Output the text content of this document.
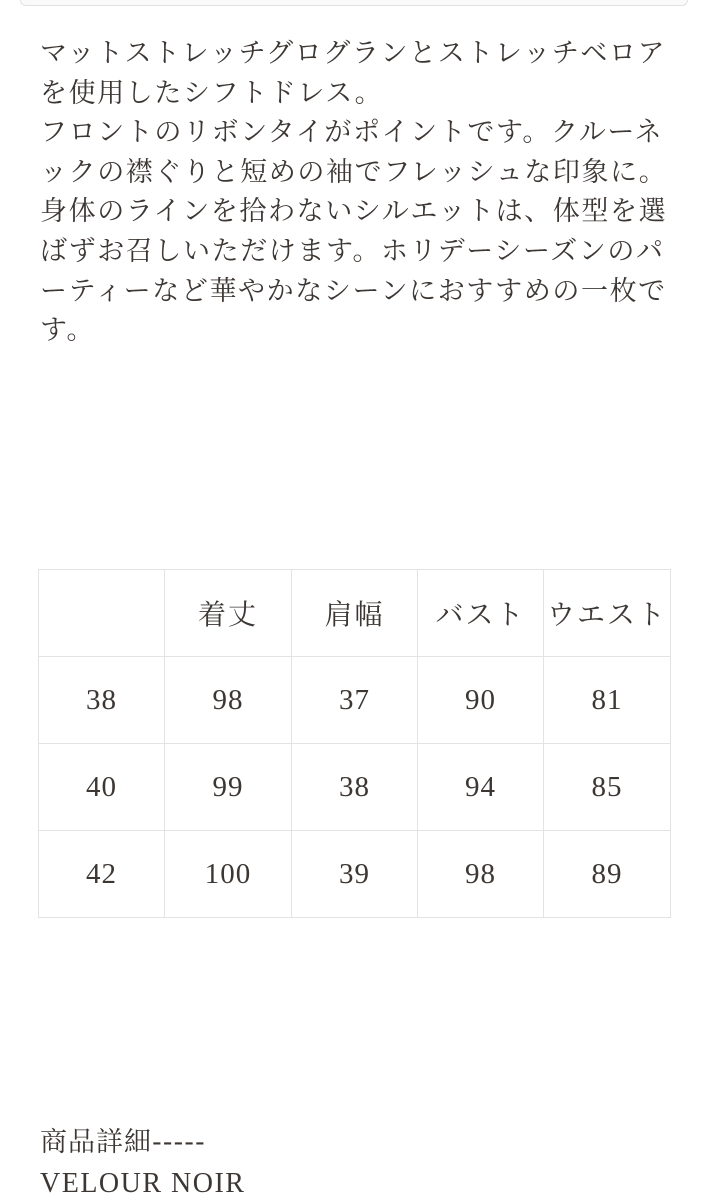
マットストレッチグログランとストレッチベロアを使用したシフトドレス。
フロントのリボンタイがポイントです。クルーネックの襟ぐりと短めの袖でフレッシュな印象に。身体のラインを拾わないシルエットは、体型を選ばずお召しいただけます。ホリデーシーズンのパーティーなど華やかなシーンにおすすめの一枚です。

	着丈	肩幅	バスト	ウエスト
38	98	37	90	81
40	99	38	94	85
42	100	39	98	89

商品詳細-----

VELOUR NOIR
